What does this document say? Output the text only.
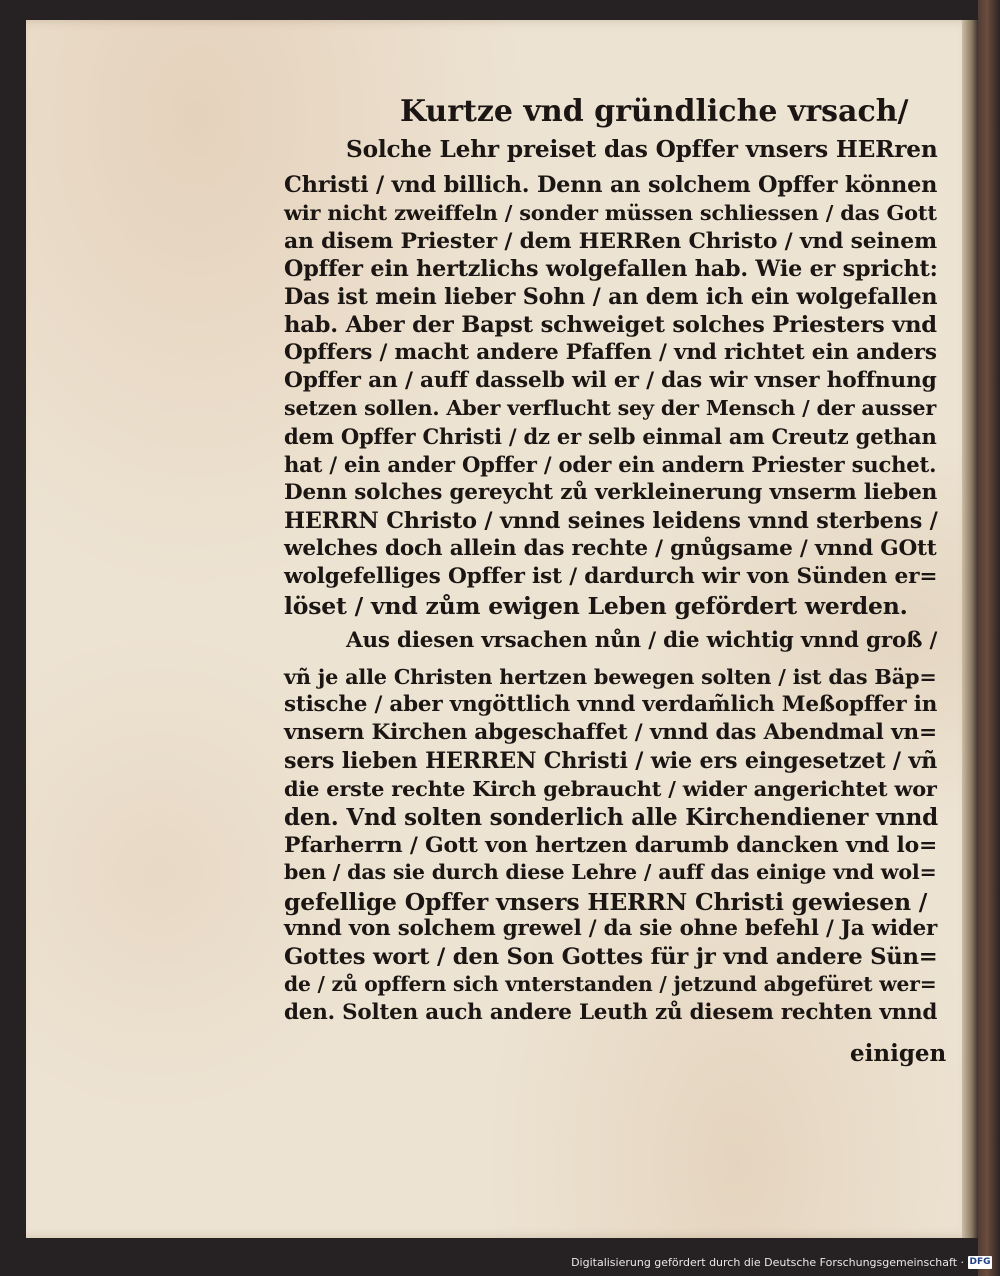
Kurtze vnd gründliche vrsach/
Solche Lehr preiset das Opffer vnsers HERren
Christi / vnd billich. Denn an solchem Opffer können
wir nicht zweiffeln / sonder müssen schliessen / das Gott
an disem Priester / dem HERRen Christo / vnd seinem
Opffer ein hertzlichs wolgefallen hab. Wie er spricht:
Das ist mein lieber Sohn / an dem ich ein wolgefallen
hab. Aber der Bapst schweiget solches Priesters vnd
Opffers / macht andere Pfaffen / vnd richtet ein anders
Opffer an / auff dasselb wil er / das wir vnser hoffnung
setzen sollen. Aber verflucht sey der Mensch / der ausser
dem Opffer Christi / dz er selb einmal am Creutz gethan
hat / ein ander Opffer / oder ein andern Priester suchet.
Denn solches gereycht zů verkleinerung vnserm lieben
HERRN Christo / vnnd seines leidens vnnd sterbens /
welches doch allein das rechte / gnůgsame / vnnd GOtt
wolgefelliges Opffer ist / dardurch wir von Sünden er=
löset / vnd zům ewigen Leben gefördert werden.
Aus diesen vrsachen nůn / die wichtig vnnd groß /
vñ je alle Christen hertzen bewegen solten / ist das Bäp=
stische / aber vngöttlich vnnd verdam̃lich Meßopffer in
vnsern Kirchen abgeschaffet / vnnd das Abendmal vn=
sers lieben HERREN Christi / wie ers eingesetzet / vñ
die erste rechte Kirch gebraucht / wider angerichtet wor
den. Vnd solten sonderlich alle Kirchendiener vnnd
Pfarherrn / Gott von hertzen darumb dancken vnd lo=
ben / das sie durch diese Lehre / auff das einige vnd wol=
gefellige Opffer vnsers HERRN Christi gewiesen /
vnnd von solchem grewel / da sie ohne befehl / Ja wider
Gottes wort / den Son Gottes für jr vnd andere Sün=
de / zů opffern sich vnterstanden / jetzund abgefüret wer=
den. Solten auch andere Leuth zů diesem rechten vnnd
einigen
Digitalisierung gefördert durch die Deutsche Forschungsgemeinschaft · DFG
